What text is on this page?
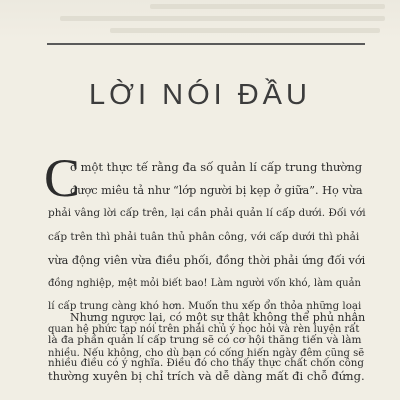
LỜI NÓI ĐẦU
C

ó một thực tế rằng đa số quản lí cấp trung thường
được miêu tả như “lớp người bị kẹp ở giữa”. Họ vừa
phải vâng lời cấp trên, lại cần phải quản lí cấp dưới. Đối với
cấp trên thì phải tuân thủ phân công, với cấp dưới thì phải
vừa động viên vừa điều phối, đồng thời phải ứng đối với
đồng nghiệp, mệt mỏi biết bao! Làm người vốn khó, làm quản
lí cấp trung càng khó hơn. Muốn thu xếp ổn thỏa những loại
quan hệ phức tạp nói trên phải chủ ý học hỏi và rèn luyện rất
nhiều. Nếu không, cho dù bạn có cống hiến ngày đêm cũng sẽ
thường xuyên bị chỉ trích và dễ dàng mất đi chỗ đứng.

Nhưng ngược lại, có một sự thật không thể phủ nhận
là đa phần quản lí cấp trung sẽ có cơ hội thăng tiến và làm
nhiều điều có ý nghĩa. Điều đó cho thấy thực chất chốn công
